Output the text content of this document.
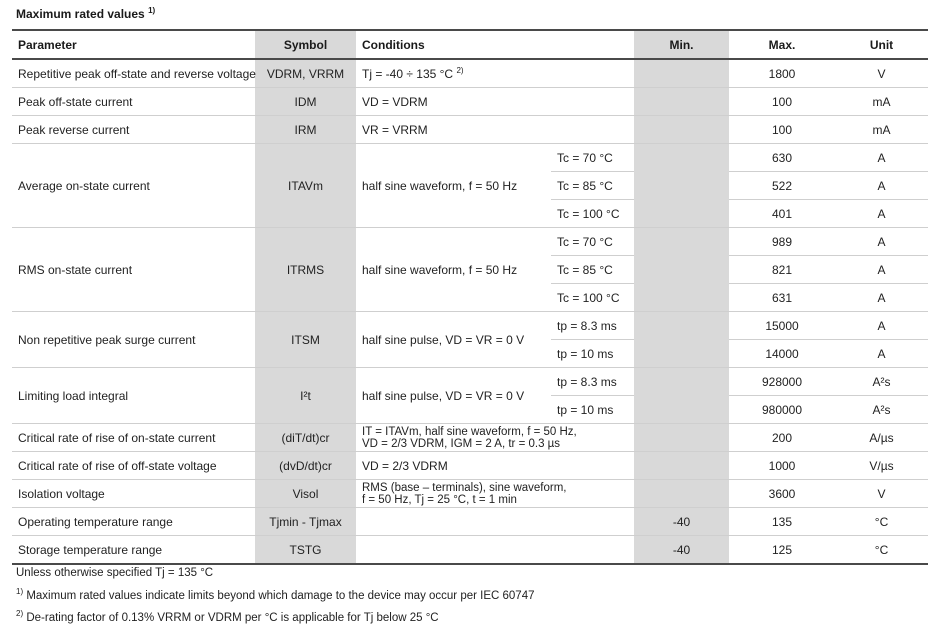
Maximum rated values $^{1)}$
Parameter	Symbol	Conditions		Min.	Max.	Unit
Repetitive peak off-state and reverse voltage	VDRM, VRRM	Tj = -40 ÷ 135 °C $^{2)}$			1800	V
Peak off-state current	IDM	VD = VDRM			100	mA
Peak reverse current	IRM	VR = VRRM			100	mA
Average on-state current	ITAVm	half sine waveform, f = 50 Hz	Tc = 70 °C		630	A
			Tc = 85 °C		522	A
			Tc = 100 °C		401	A
RMS on-state current	ITRMS	half sine waveform, f = 50 Hz	Tc = 70 °C		989	A
			Tc = 85 °C		821	A
			Tc = 100 °C		631	A
Non repetitive peak surge current	ITSM	half sine pulse, VD = VR = 0 V	tp = 8.3 ms		15000	A
			tp = 10 ms		14000	A
Limiting load integral	I²t	half sine pulse, VD = VR = 0 V	tp = 8.3 ms		928000	A²s
			tp = 10 ms		980000	A²s
Critical rate of rise of on-state current	(diT/dt)cr	IT = ITAVm, half sine waveform, f = 50 Hz,
VD = 2/3 VDRM, IGM = 2 A, tr = 0.3 µs			200	A/µs
Critical rate of rise of off-state voltage	(dvD/dt)cr	VD = 2/3 VDRM			1000	V/µs
Isolation voltage	Visol	RMS (base – terminals), sine waveform,
f = 50 Hz, Tj = 25 °C, t = 1 min			3600	V
Operating temperature range	Tjmin - Tjmax			-40	135	°C
Storage temperature range	TSTG			-40	125	°C
Unless otherwise specified Tj = 135 °C
$^{1)}$ Maximum rated values indicate limits beyond which damage to the device may occur per IEC 60747
$^{2)}$ De-rating factor of 0.13% VRRM or VDRM per °C is applicable for Tj below 25 °C
